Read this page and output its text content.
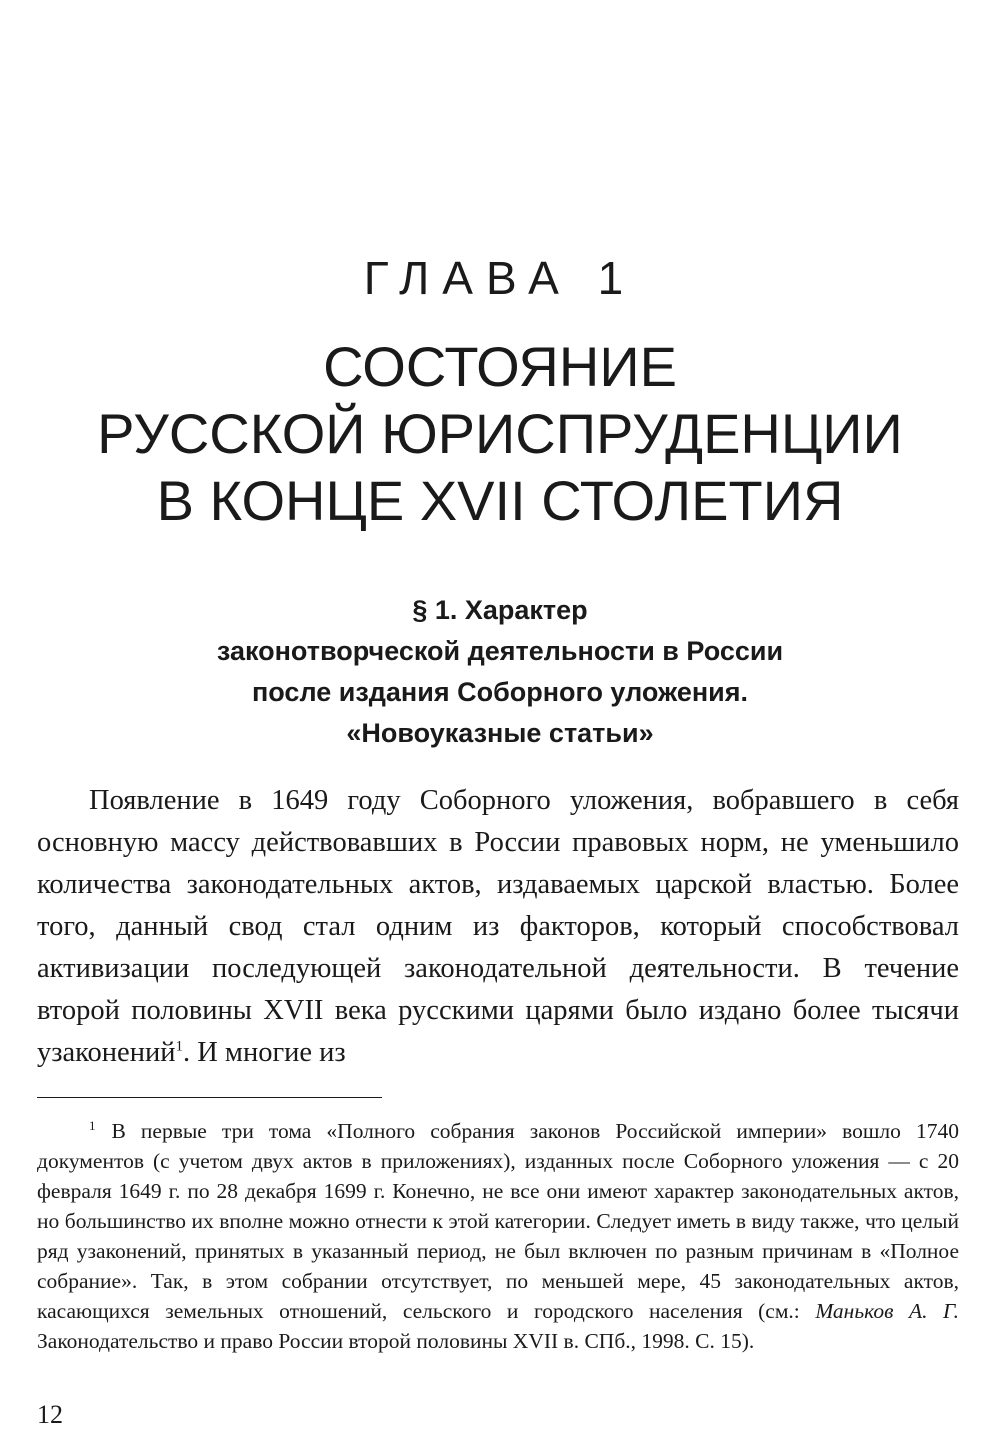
ГЛАВА 1
СОСТОЯНИЕ
РУССКОЙ ЮРИСПРУДЕНЦИИ
В КОНЦЕ XVII СТОЛЕТИЯ
§ 1. Характер
законотворческой деятельности в России
после издания Соборного уложения.
«Новоуказные статьи»

Появление в 1649 году Соборного уложения, вобравшего в себя основную массу действовавших в России правовых норм, не уменьшило количества законодательных актов, издаваемых царской властью. Более того, данный свод стал одним из факторов, который способствовал активизации последующей законодательной деятельности. В течение второй половины XVII века русскими царями было издано более тысячи узаконений$^1$. И многие из

$^1$ В первые три тома «Полного собрания законов Российской империи» вошло 1740 документов (с учетом двух актов в приложениях), изданных после Соборного уложения — с 20 февраля 1649 г. по 28 декабря 1699 г. Конечно, не все они имеют характер законодательных актов, но большинство их вполне можно отнести к этой категории. Следует иметь в виду также, что целый ряд узаконений, принятых в указанный период, не был включен по разным причинам в «Полное собрание». Так, в этом собрании отсутствует, по меньшей мере, 45 законодательных актов, касающихся земельных отношений, сельского и городского населения (см.: Маньков А. Г. Законодательство и право России второй половины XVII в. СПб., 1998. С. 15).

12
